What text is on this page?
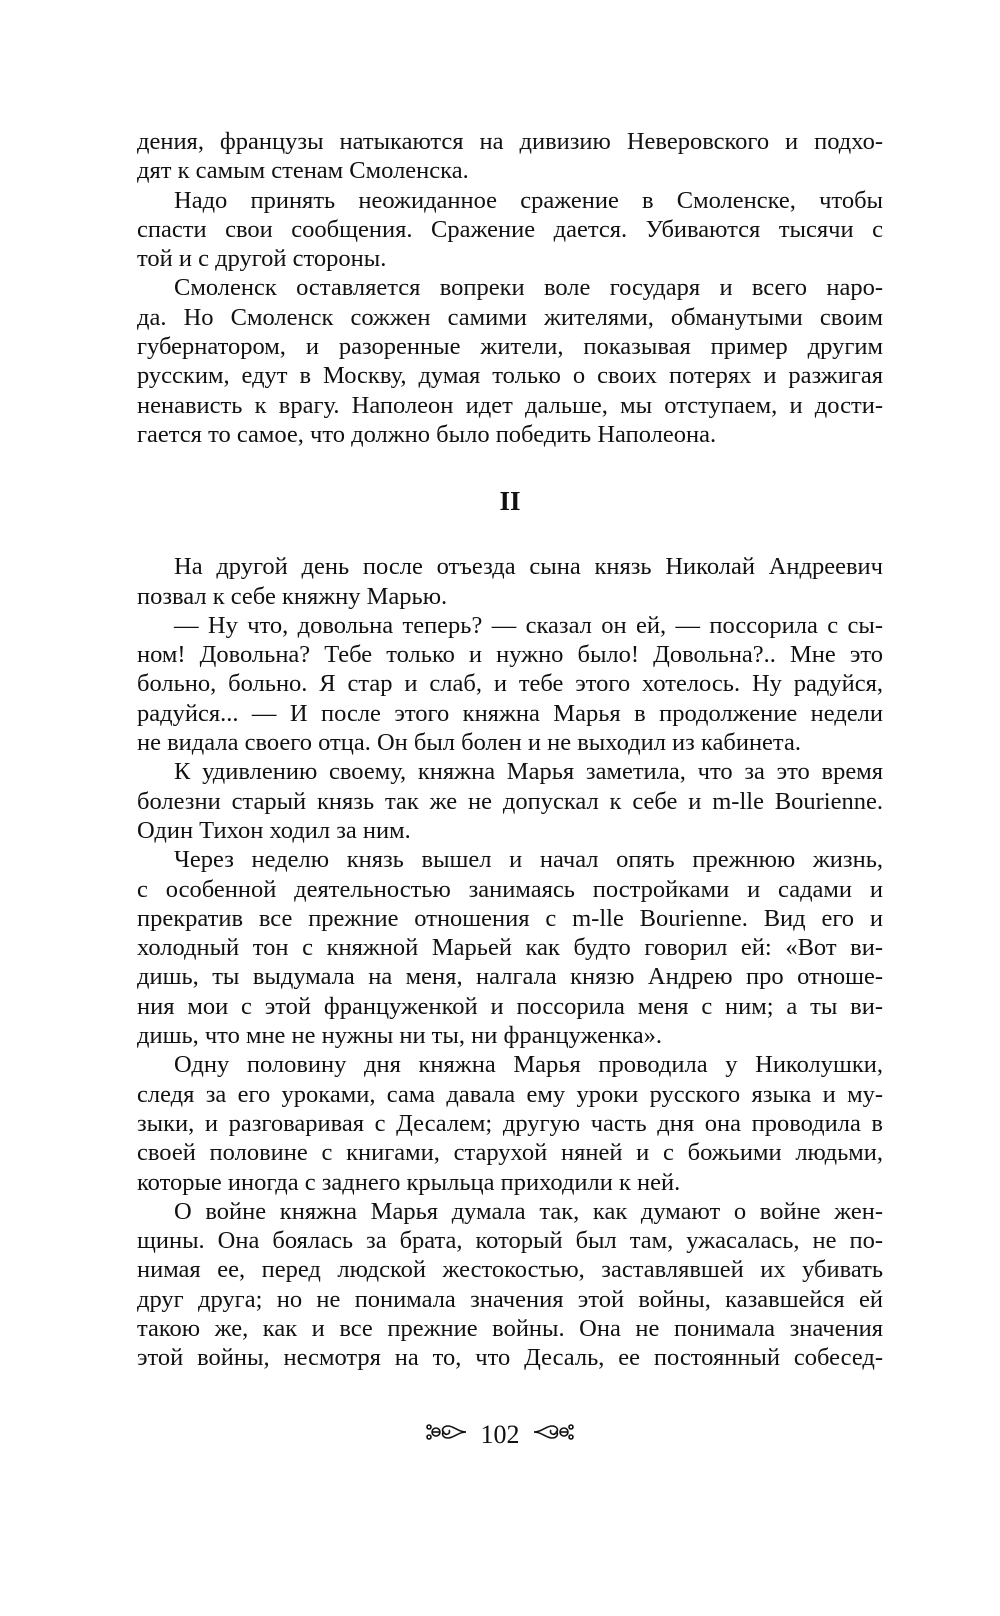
дения, французы натыкаются на дивизию Неверовского и подхо-
дят к самым стенам Смоленска.
Надо принять неожиданное сражение в Смоленске, чтобы
спасти свои сообщения. Сражение дается. Убиваются тысячи с
той и с другой стороны.
Смоленск оставляется вопреки воле государя и всего наро-
да. Но Смоленск сожжен самими жителями, обманутыми своим
губернатором, и разоренные жители, показывая пример другим
русским, едут в Москву, думая только о своих потерях и разжигая
ненависть к врагу. Наполеон идет дальше, мы отступаем, и дости-
гается то самое, что должно было победить Наполеона.
II
На другой день после отъезда сына князь Николай Андреевич
позвал к себе княжну Марью.
— Ну что, довольна теперь? — сказал он ей, — поссорила с сы-
ном! Довольна? Тебе только и нужно было! Довольна?.. Мне это
больно, больно. Я стар и слаб, и тебе этого хотелось. Ну радуйся,
радуйся... — И после этого княжна Марья в продолжение недели
не видала своего отца. Он был болен и не выходил из кабинета.
К удивлению своему, княжна Марья заметила, что за это время
болезни старый князь так же не допускал к себе и m-lle Bourienne.
Один Тихон ходил за ним.
Через неделю князь вышел и начал опять прежнюю жизнь,
с особенной деятельностью занимаясь постройками и садами и
прекратив все прежние отношения с m-lle Bourienne. Вид его и
холодный тон с княжной Марьей как будто говорил ей: «Вот ви-
дишь, ты выдумала на меня, налгала князю Андрею про отноше-
ния мои с этой француженкой и поссорила меня с ним; а ты ви-
дишь, что мне не нужны ни ты, ни француженка».
Одну половину дня княжна Марья проводила у Николушки,
следя за его уроками, сама давала ему уроки русского языка и му-
зыки, и разговаривая с Десалем; другую часть дня она проводила в
своей половине с книгами, старухой няней и с божьими людьми,
которые иногда с заднего крыльца приходили к ней.
О войне княжна Марья думала так, как думают о войне жен-
щины. Она боялась за брата, который был там, ужасалась, не по-
нимая ее, перед людской жестокостью, заставлявшей их убивать
друг друга; но не понимала значения этой войны, казавшейся ей
такою же, как и все прежние войны. Она не понимала значения
этой войны, несмотря на то, что Десаль, ее постоянный собесед-
102
